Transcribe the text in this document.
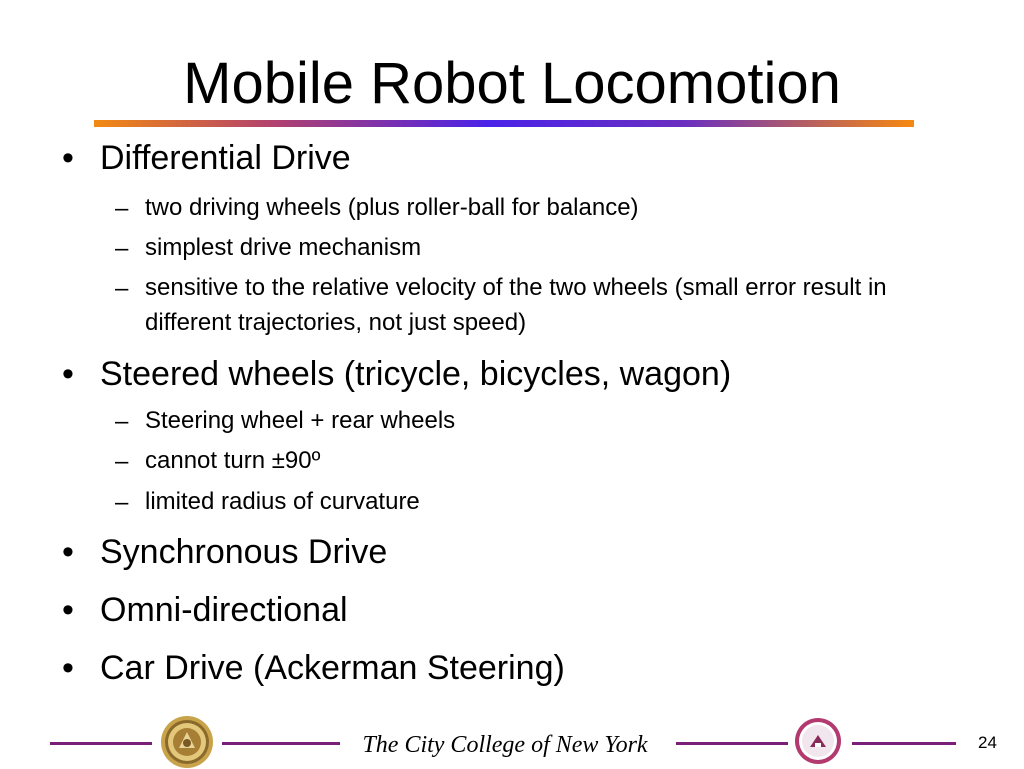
Mobile Robot Locomotion
• Differential Drive
– two driving wheels (plus roller-ball for balance)
– simplest drive mechanism
– sensitive to the relative velocity of the two wheels (small error result in different trajectories, not just speed)
• Steered wheels (tricycle, bicycles, wagon)
– Steering wheel + rear wheels
– cannot turn ±90º
– limited radius of curvature
• Synchronous Drive
• Omni-directional
• Car Drive (Ackerman Steering)
The City College of New York	24
